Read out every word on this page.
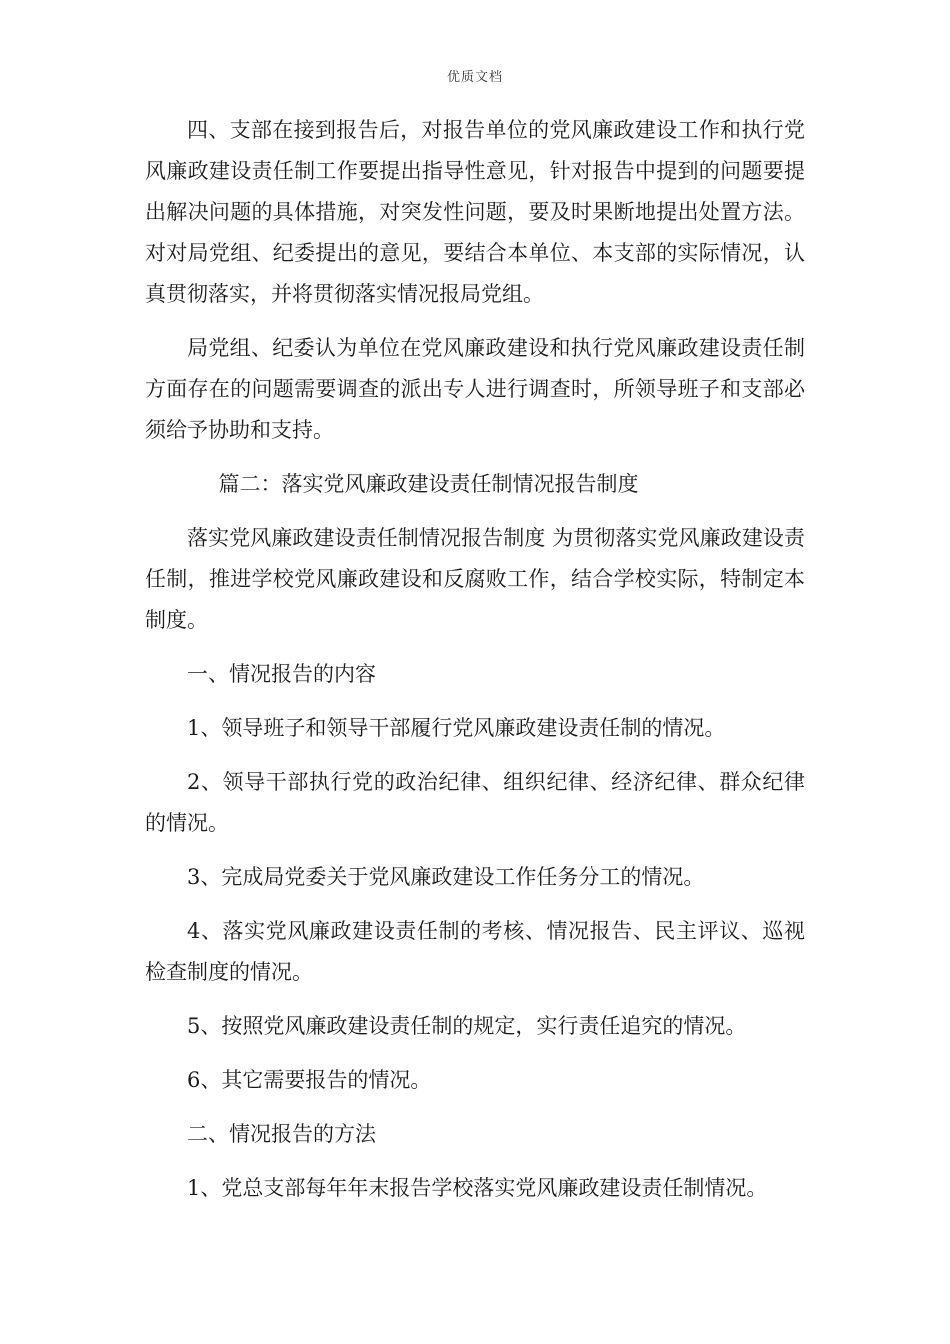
优质文档

四、支部在接到报告后，对报告单位的党风廉政建设工作和执行党风廉政建设责任制工作要提出指导性意见，针对报告中提到的问题要提出解决问题的具体措施，对突发性问题，要及时果断地提出处置方法。对对局党组、纪委提出的意见，要结合本单位、本支部的实际情况，认真贯彻落实，并将贯彻落实情况报局党组。

局党组、纪委认为单位在党风廉政建设和执行党风廉政建设责任制方面存在的问题需要调查的派出专人进行调查时，所领导班子和支部必须给予协助和支持。

篇二：落实党风廉政建设责任制情况报告制度

落实党风廉政建设责任制情况报告制度 为贯彻落实党风廉政建设责任制，推进学校党风廉政建设和反腐败工作，结合学校实际，特制定本制度。

一、情况报告的内容

1、领导班子和领导干部履行党风廉政建设责任制的情况。

2、领导干部执行党的政治纪律、组织纪律、经济纪律、群众纪律的情况。

3、完成局党委关于党风廉政建设工作任务分工的情况。

4、落实党风廉政建设责任制的考核、情况报告、民主评议、巡视检查制度的情况。

5、按照党风廉政建设责任制的规定，实行责任追究的情况。

6、其它需要报告的情况。

二、情况报告的方法

1、党总支部每年年末报告学校落实党风廉政建设责任制情况。
